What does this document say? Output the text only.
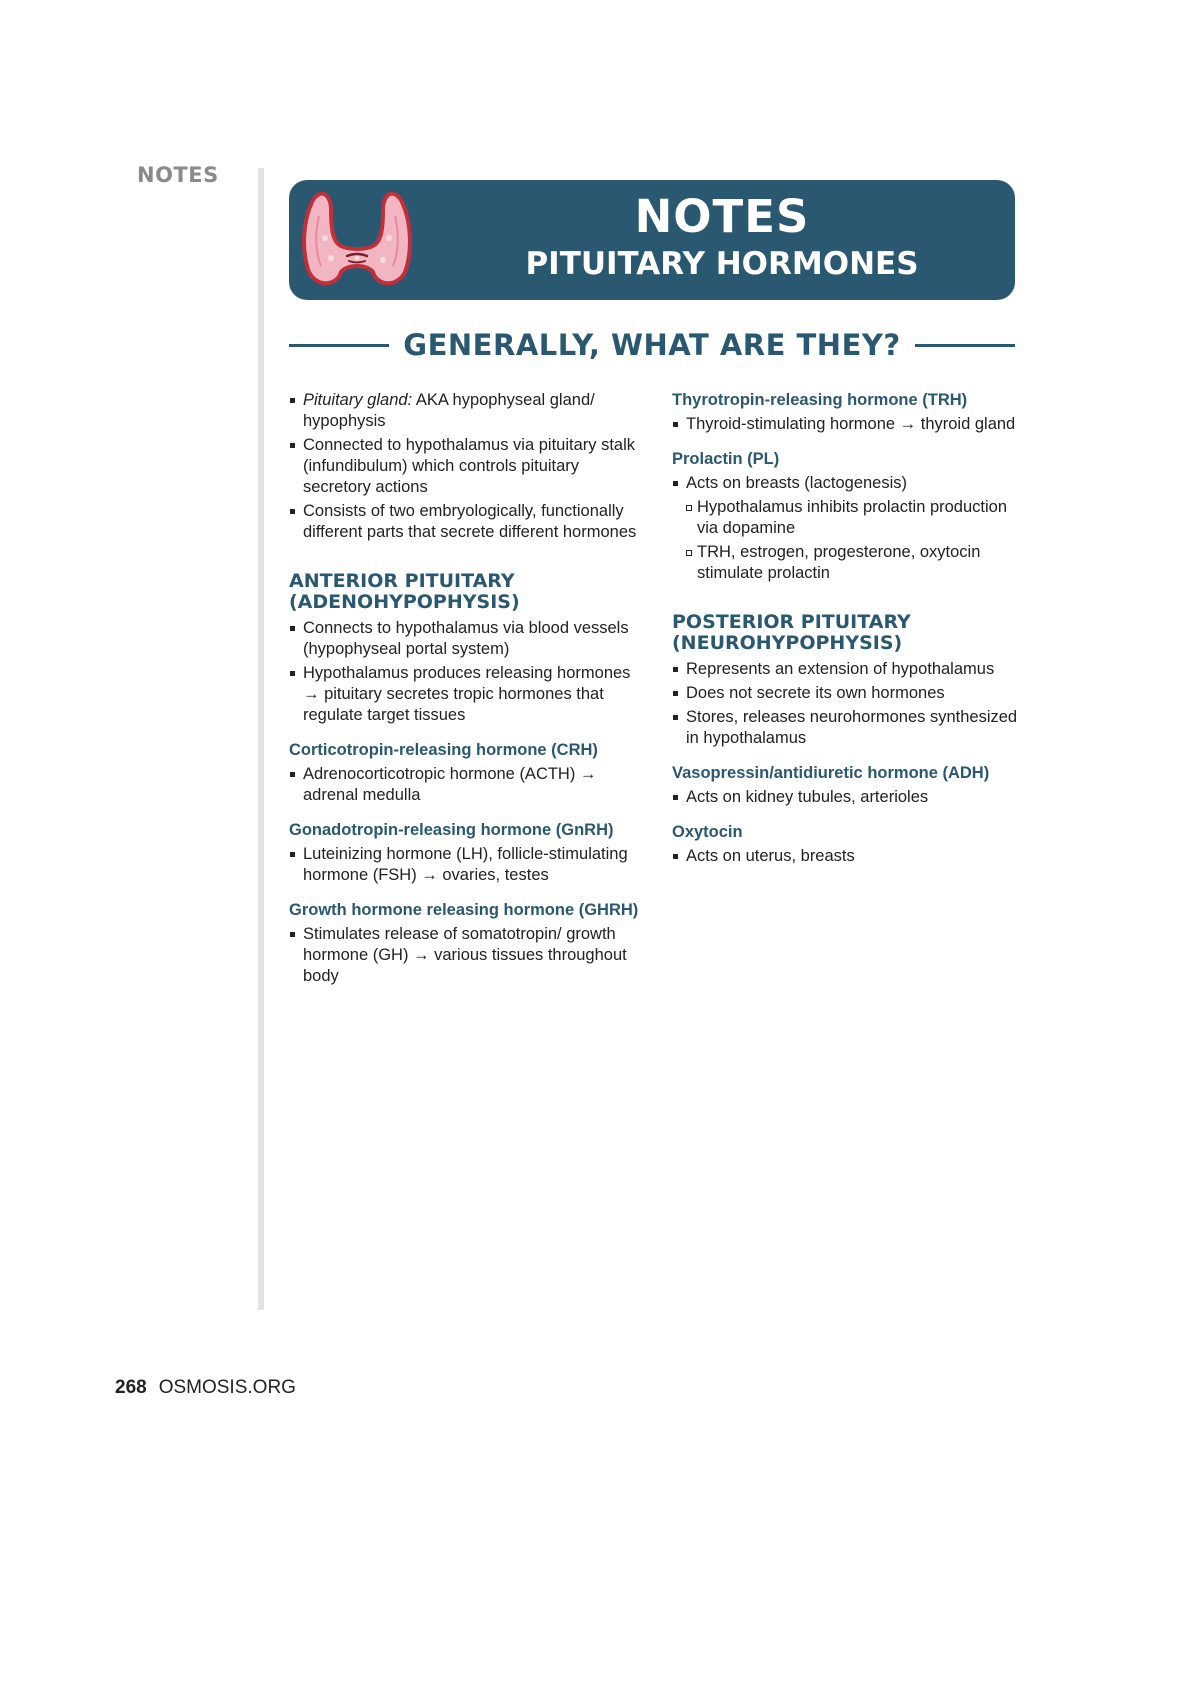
NOTES
NOTES
PITUITARY HORMONES
GENERALLY, WHAT ARE THEY?
Pituitary gland: AKA hypophyseal gland/ hypophysis
Connected to hypothalamus via pituitary stalk (infundibulum) which controls pituitary secretory actions
Consists of two embryologically, functionally different parts that secrete different hormones
ANTERIOR PITUITARY
(ADENOHYPOPHYSIS)
Connects to hypothalamus via blood vessels (hypophyseal portal system)
Hypothalamus produces releasing hormones → pituitary secretes tropic hormones that regulate target tissues
Corticotropin-releasing hormone (CRH)
Adrenocorticotropic hormone (ACTH) → adrenal medulla
Gonadotropin-releasing hormone (GnRH)
Luteinizing hormone (LH), follicle-stimulating hormone (FSH) → ovaries, testes
Growth hormone releasing hormone (GHRH)
Stimulates release of somatotropin/ growth hormone (GH) → various tissues throughout body
Thyrotropin-releasing hormone (TRH)
Thyroid-stimulating hormone → thyroid gland
Prolactin (PL)
Acts on breasts (lactogenesis)
Hypothalamus inhibits prolactin production via dopamine
TRH, estrogen, progesterone, oxytocin stimulate prolactin
POSTERIOR PITUITARY
(NEUROHYPOPHYSIS)
Represents an extension of hypothalamus
Does not secrete its own hormones
Stores, releases neurohormones synthesized in hypothalamus
Vasopressin/antidiuretic hormone (ADH)
Acts on kidney tubules, arterioles
Oxytocin
Acts on uterus, breasts
268 OSMOSIS.ORG
